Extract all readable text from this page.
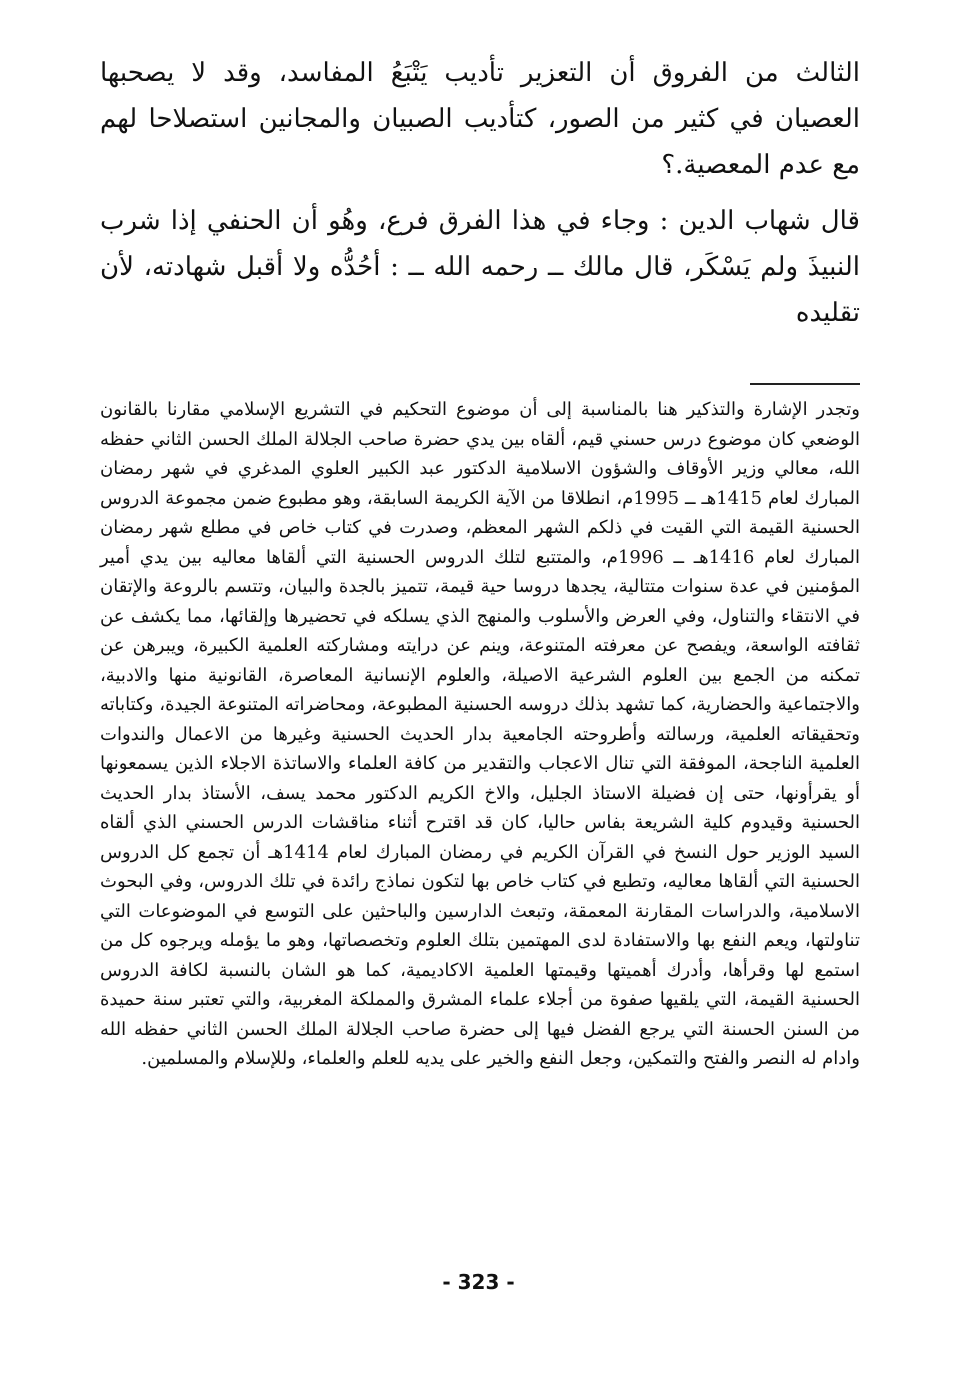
الثالث من الفروق أن التعزير تأديب يَتْبَعُ المفاسد، وقد لا يصحبها العصيان في كثير من الصور، كتأديب الصبيان والمجانين استصلاحا لهم مع عدم المعصية.؟

قال شهاب الدين : وجاء في هذا الفرق فرع، وهُو أن الحنفي إذا شرب النبيذَ ولم يَسْكَر، قال مالك ــ رحمه الله ــ : أحُدُّه ولا أقبل شهادته، لأن تقليده

وتجدر الإشارة والتذكير هنا بالمناسبة إلى أن موضوع التحكيم في التشريع الإسلامي مقارنا بالقانون الوضعي كان موضوع درس حسني قيم، ألقاه بين يدي حضرة صاحب الجلالة الملك الحسن الثاني حفظه الله، معالي وزير الأوقاف والشؤون الاسلامية الدكتور عبد الكبير العلوي المدغري في شهر رمضان المبارك لعام 1415هـ ــ 1995م، انطلاقا من الآية الكريمة السابقة، وهو مطبوع ضمن مجموعة الدروس الحسنية القيمة التي القيت في ذلكم الشهر المعظم، وصدرت في كتاب خاص في مطلع شهر رمضان المبارك لعام 1416هـ ــ 1996م، والمتتبع لتلك الدروس الحسنية التي ألقاها معاليه بين يدي أمير المؤمنين في عدة سنوات متتالية، يجدها دروسا حية قيمة، تتميز بالجدة والبيان، وتتسم بالروعة والإتقان في الانتقاء والتناول، وفي العرض والأسلوب والمنهج الذي يسلكه في تحضيرها وإلقائها، مما يكشف عن ثقافته الواسعة، ويفصح عن معرفته المتنوعة، وينم عن درايته ومشاركته العلمية الكبيرة، ويبرهن عن تمكنه من الجمع بين العلوم الشرعية الاصيلة، والعلوم الإنسانية المعاصرة، القانونية منها والادبية، والاجتماعية والحضارية، كما تشهد بذلك دروسه الحسنية المطبوعة، ومحاضراته المتنوعة الجيدة، وكتاباته وتحقيقاته العلمية، ورسالته وأطروحته الجامعية بدار الحديث الحسنية وغيرها من الاعمال والندوات العلمية الناجحة، الموفقة التي تنال الاعجاب والتقدير من كافة العلماء والاساتذة الاجلاء الذين يسمعونها أو يقرأونها، حتى إن فضيلة الاستاذ الجليل، والاخ الكريم الدكتور محمد يسف، الأستاذ بدار الحديث الحسنية وقيدوم كلية الشريعة بفاس حاليا، كان قد اقترح أثناء مناقشات الدرس الحسني الذي ألقاه السيد الوزير حول النسخ في القرآن الكريم في رمضان المبارك لعام 1414هـ أن تجمع كل الدروس الحسنية التي ألقاها معاليه، وتطبع في كتاب خاص بها لتكون نماذج رائدة في تلك الدروس، وفي البحوث الاسلامية، والدراسات المقارنة المعمقة، وتبعث الدارسين والباحثين على التوسع في الموضوعات التي تناولتها، ويعم النفع بها والاستفادة لدى المهتمين بتلك العلوم وتخصصاتها، وهو ما يؤمله ويرجوه كل من استمع لها وقرأها، وأدرك أهميتها وقيمتها العلمية الاكاديمية، كما هو الشان بالنسبة لكافة الدروس الحسنية القيمة، التي يلقيها صفوة من أجلاء علماء المشرق والمملكة المغربية، والتي تعتبر سنة حميدة من السنن الحسنة التي يرجع الفضل فيها إلى حضرة صاحب الجلالة الملك الحسن الثاني حفظه الله وادام له النصر والفتح والتمكين، وجعل النفع والخير على يديه للعلم والعلماء، وللإسلام والمسلمين.

- 323 -
